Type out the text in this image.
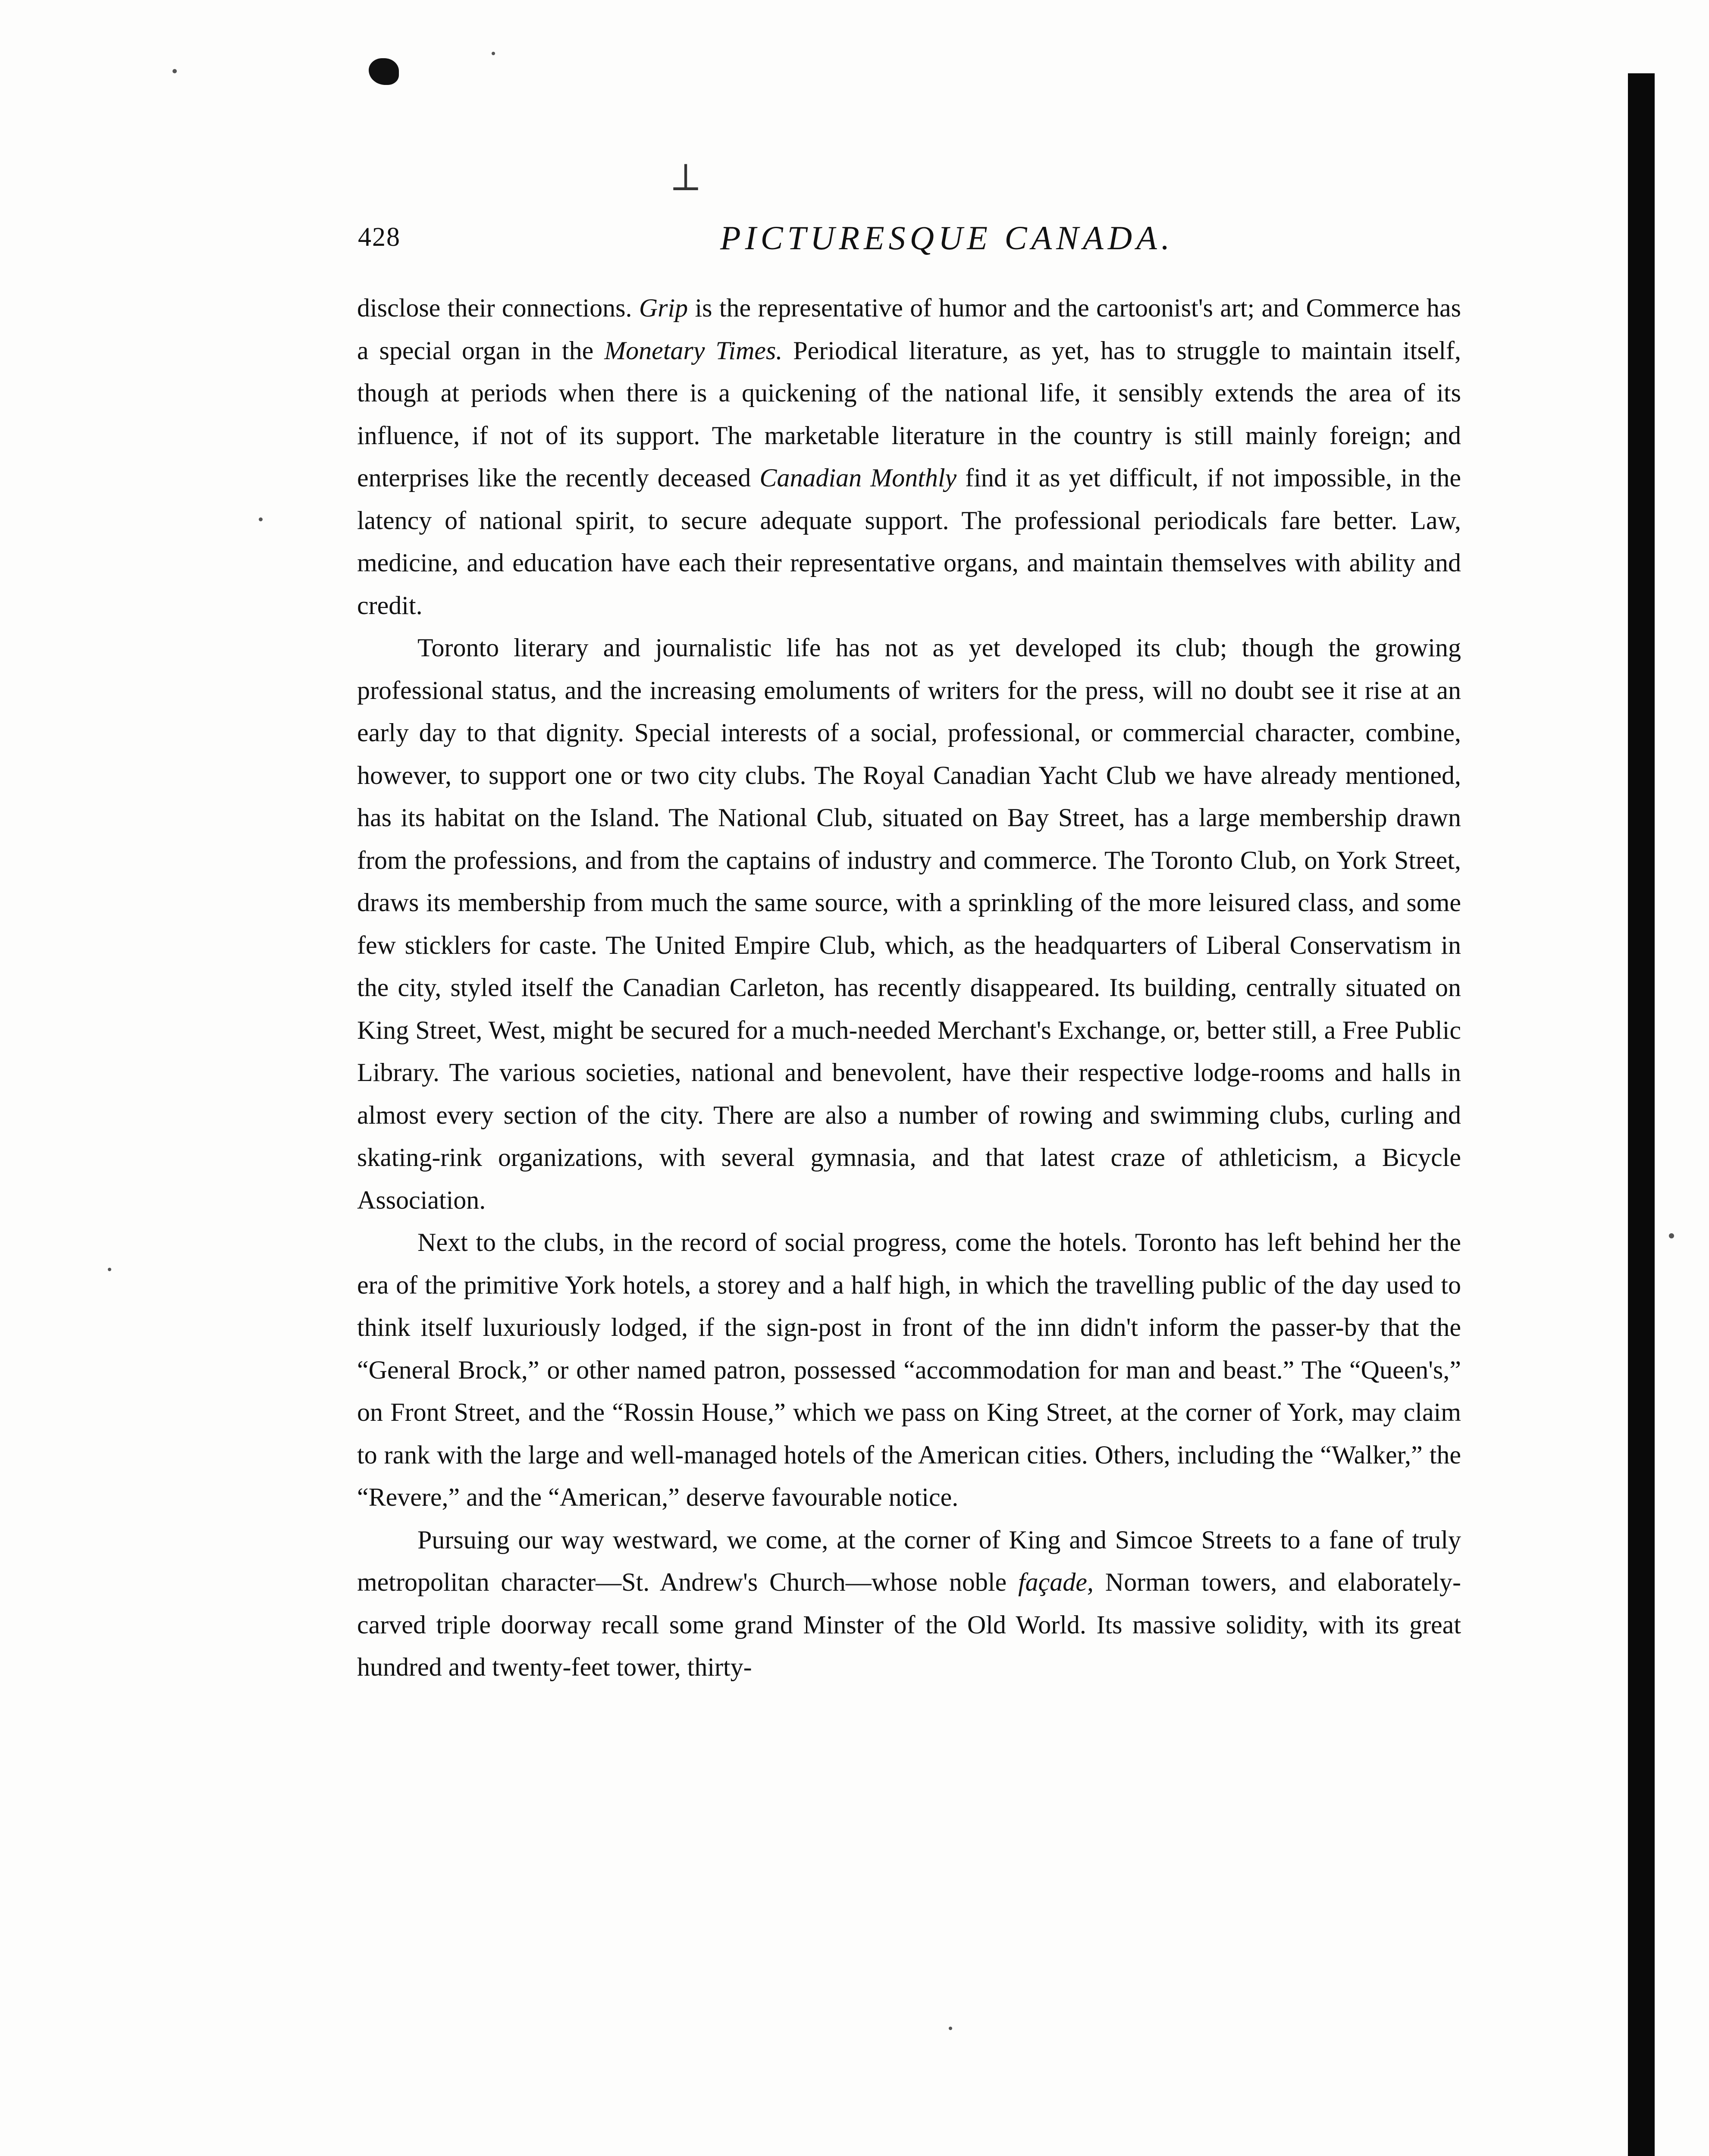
⟂
428	PICTURESQUE CANADA.

disclose their connections. Grip is the representative of humor and the cartoonist's art; and Commerce has a special organ in the Monetary Times. Periodical literature, as yet, has to struggle to maintain itself, though at periods when there is a quickening of the national life, it sensibly extends the area of its influence, if not of its support. The marketable literature in the country is still mainly foreign; and enterprises like the recently deceased Canadian Monthly find it as yet difficult, if not impossible, in the latency of national spirit, to secure adequate support. The professional periodicals fare better. Law, medicine, and education have each their representative organs, and maintain themselves with ability and credit.

Toronto literary and journalistic life has not as yet developed its club; though the growing professional status, and the increasing emoluments of writers for the press, will no doubt see it rise at an early day to that dignity. Special interests of a social, professional, or commercial character, combine, however, to support one or two city clubs. The Royal Canadian Yacht Club we have already mentioned, has its habitat on the Island. The National Club, situated on Bay Street, has a large membership drawn from the professions, and from the captains of industry and commerce. The Toronto Club, on York Street, draws its membership from much the same source, with a sprinkling of the more leisured class, and some few sticklers for caste. The United Empire Club, which, as the headquarters of Liberal Conservatism in the city, styled itself the Canadian Carleton, has recently disappeared. Its building, centrally situated on King Street, West, might be secured for a much-needed Merchant's Exchange, or, better still, a Free Public Library. The various societies, national and benevolent, have their respective lodge-rooms and halls in almost every section of the city. There are also a number of rowing and swimming clubs, curling and skating-rink organizations, with several gymnasia, and that latest craze of athleticism, a Bicycle Association.

Next to the clubs, in the record of social progress, come the hotels. Toronto has left behind her the era of the primitive York hotels, a storey and a half high, in which the travelling public of the day used to think itself luxuriously lodged, if the sign-post in front of the inn didn't inform the passer-by that the “General Brock,” or other named patron, possessed “accommodation for man and beast.” The “Queen's,” on Front Street, and the “Rossin House,” which we pass on King Street, at the corner of York, may claim to rank with the large and well-managed hotels of the American cities. Others, including the “Walker,” the “Revere,” and the “American,” deserve favourable notice.

Pursuing our way westward, we come, at the corner of King and Simcoe Streets to a fane of truly metropolitan character—St. Andrew's Church—whose noble façade, Norman towers, and elaborately-carved triple doorway recall some grand Minster of the Old World. Its massive solidity, with its great hundred and twenty-feet tower, thirty-
